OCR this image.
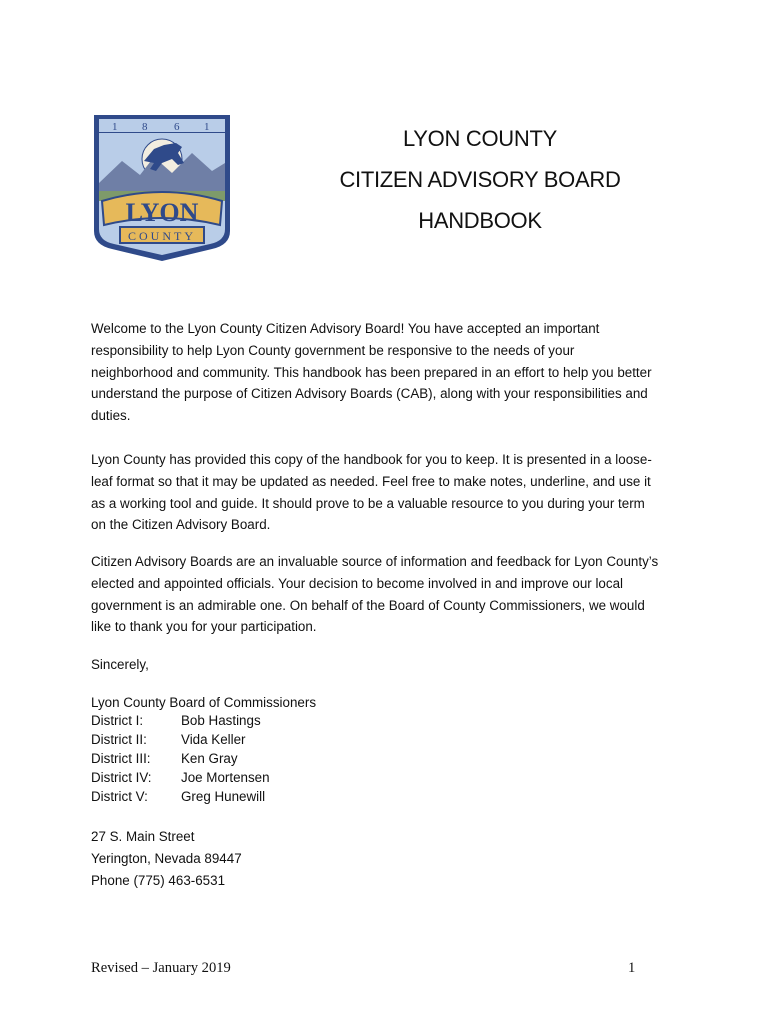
1 8 6 1
LYON
COUNTY
LYON COUNTY
CITIZEN ADVISORY BOARD
HANDBOOK
Welcome to the Lyon County Citizen Advisory Board! You have accepted an important
responsibility to help Lyon County government be responsive to the needs of your
neighborhood and community. This handbook has been prepared in an effort to help you better
understand the purpose of Citizen Advisory Boards (CAB), along with your responsibilities and
duties.
Lyon County has provided this copy of the handbook for you to keep. It is presented in a loose-
leaf format so that it may be updated as needed. Feel free to make notes, underline, and use it
as a working tool and guide. It should prove to be a valuable resource to you during your term
on the Citizen Advisory Board.
Citizen Advisory Boards are an invaluable source of information and feedback for Lyon County’s
elected and appointed officials. Your decision to become involved in and improve our local
government is an admirable one. On behalf of the Board of County Commissioners, we would
like to thank you for your participation.
Sincerely,
Lyon County Board of Commissioners
District I:	Bob Hastings
District II:	Vida Keller
District III: Ken Gray
District IV: Joe Mortensen
District V: Greg Hunewill
27 S. Main Street
Yerington, Nevada 89447
Phone (775) 463-6531
Revised – January 2019	1
